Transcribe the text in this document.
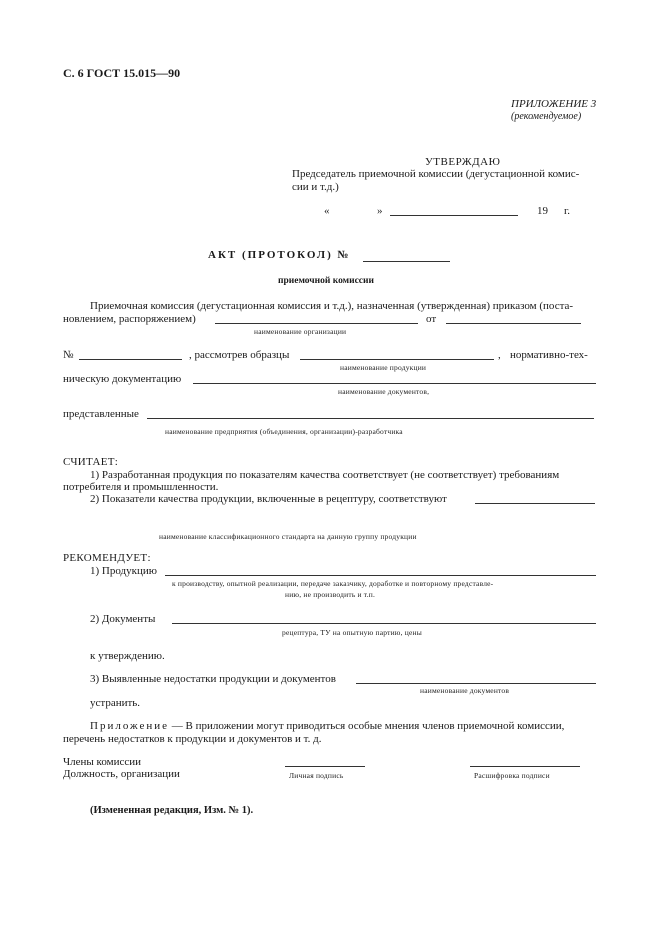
С. 6 ГОСТ 15.015—90
ПРИЛОЖЕНИЕ 3
(рекомендуемое)
УТВЕРЖДАЮ
Председатель приемочной комиссии (дегустационной комис-
сии и т.д.)
«	»	19 г.
АКТ (ПРОТОКОЛ) №
приемочной комиссии
Приемочная комиссия (дегустационная комиссия и т.д.), назначенная (утвержденная) приказом (поста-
новлением, распоряжением)	от
наименование организации
№	, рассмотрев образцы	, нормативно-тех-
наименование продукции
ническую документацию
наименование документов,
представленные
наименование предприятия (объединения, организации)-разработчика
СЧИТАЕТ:
1) Разработанная продукция по показателям качества соответствует (не соответствует) требованиям
потребителя и промышленности.
2) Показатели качества продукции, включенные в рецептуру, соответствуют
наименование классификационного стандарта на данную группу продукции
РЕКОМЕНДУЕТ:
1) Продукцию
к производству, опытной реализации, передаче заказчику, доработке и повторному представле-
нию, не производить и т.п.
2) Документы
рецептура, ТУ на опытную партию, цены
к утверждению.
3) Выявленные недостатки продукции и документов
наименование документов
устранить.
Приложение — В приложении могут приводиться особые мнения членов приемочной комиссии,
перечень недостатков к продукции и документов и т. д.
Члены комиссии
Должность, организации	Личная подпись	Расшифровка подписи
(Измененная редакция, Изм. № 1).
